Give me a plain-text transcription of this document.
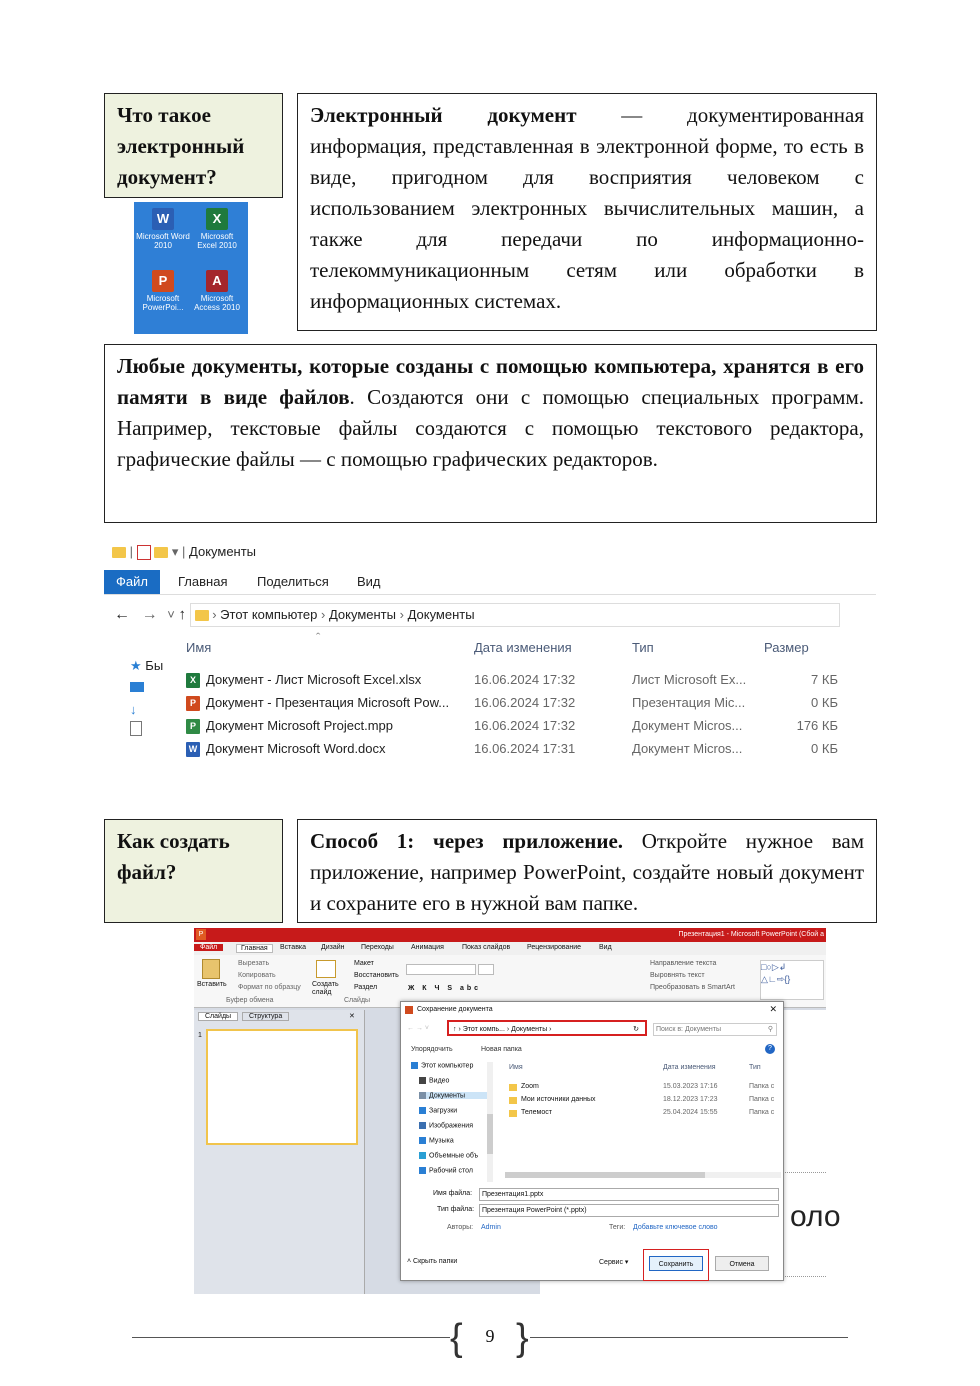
Что такое электронный документ?
W
Microsoft Word 2010
X
Microsoft Excel 2010
P
Microsoft PowerPoi...
A
Microsoft Access 2010
Электронный документ — документированная информация, представленная в электронной форме, то есть в виде, пригодном для восприятия человеком с использованием электронных вычислительных машин, а также для передачи по информационно-телекоммуникационным сетям или обработки в информационных системах.
Любые документы, которые созданы с помощью компьютера, хранятся в его памяти в виде файлов. Создаются они с помощью специальных программ. Например, текстовые файлы создаются с помощью текстового редактора, графические файлы — с помощью графических редакторов.
|	▾ | Документы
Файл	Главная Поделиться Вид
← → ˅ ↑  › Этот компьютер › Документы › Документы
★ Бы
↓
Имя
ˆ
Дата изменения	Тип	Размер
X Документ - Лист Microsoft Excel.xlsx	16.06.2024 17:32	Лист Microsoft Ex...	7 КБ
P Документ - Презентация Microsoft Pow... 16.06.2024 17:32	Презентация Mic...	0 КБ
P Документ Microsoft Project.mpp	16.06.2024 17:32	Документ Micros...	176 КБ
W Документ Microsoft Word.docx	16.06.2024 17:31	Документ Micros...	0 КБ
Как создать файл?
Способ 1: через приложение. Откройте нужное вам приложение, например PowerPoint, создайте новый документ и сохраните его в нужной вам папке.
P	Презентация1 - Microsoft PowerPoint (Сбой а
Файл	Главная	Вставка Дизайн Переходы Анимация	Показ слайдов Рецензирование	Вид
Вставить
Вырезать
Копировать
Формат по образцу
Буфер обмена
Создать слайд
Макет
Восстановить
Раздел
Слайды
Ж К Ч S abc
Направление текста
Выровнять текст
Преобразовать в SmartArt
□○▷↲
△∟⇨{}
Слайды	Структура	✕
1
оло
Сохранение документа	✕
← → ˅	↑ › Этот компь... › Документы ›	↻	Поиск в: Документы	⚲
Упорядочить	Новая папка	?
Этот компьютер
Видео
Документы
Загрузки
Изображения
Музыка
Объемные объ
Рабочий стол
Имя	Дата изменения	Тип
Zoom	15.03.2023 17:16	Папка с
Мои источники данных	18.12.2023 17:23	Папка с
Телемост	25.04.2024 15:55	Папка с
Имя файла:	Презентация1.pptx
Тип файла:	Презентация PowerPoint (*.pptx)
Авторы: Admin	Теги: Добавьте ключевое слово
˄ Скрыть папки	Сервис ▾	Сохранить	Отмена
{ }
9
